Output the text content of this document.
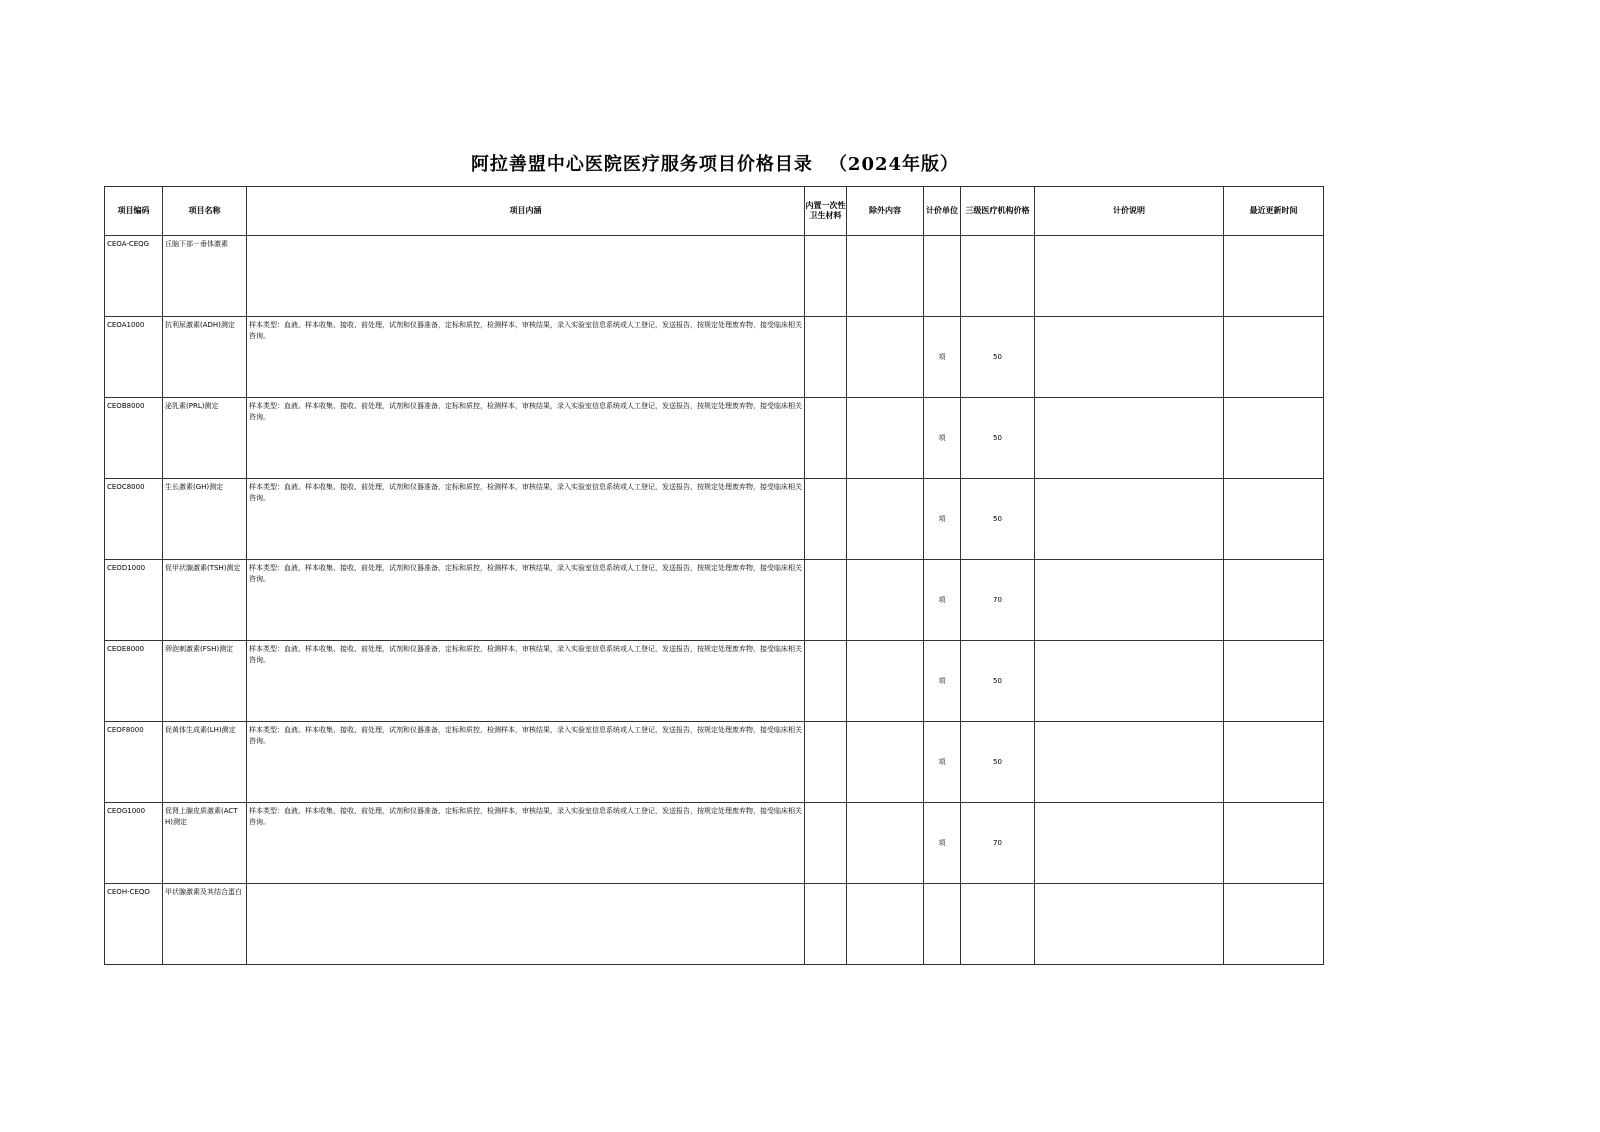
阿拉善盟中心医院医疗服务项目价格目录 （2024年版）
项目编码	项目名称	项目内涵	内置一次性卫生材料	除外内容	计价单位	三级医疗机构价格	计价说明	最近更新时间

CEOA-CEQG	丘脑下部－垂体激素							

CEOA1000	抗利尿激素(ADH)测定	样本类型：血液。样本收集、接收、前处理，试剂和仪器准备，定标和质控，检测样本，审核结果，录入实验室信息系统或人工登记，发送报告，按规定处理废弃物，接受临床相关咨询。			项	50		

CEOB8000	泌乳素(PRL)测定	样本类型：血液。样本收集、接收、前处理，试剂和仪器准备，定标和质控，检测样本，审核结果，录入实验室信息系统或人工登记，发送报告，按规定处理废弃物，接受临床相关咨询。			项	50		

CEOC8000	生长激素(GH)测定	样本类型：血液。样本收集、接收、前处理，试剂和仪器准备，定标和质控，检测样本，审核结果，录入实验室信息系统或人工登记，发送报告，按规定处理废弃物，接受临床相关咨询。			项	50		

CEOD1000	促甲状腺激素(TSH)测定	样本类型：血液。样本收集、接收、前处理，试剂和仪器准备，定标和质控，检测样本，审核结果，录入实验室信息系统或人工登记，发送报告，按规定处理废弃物，接受临床相关咨询。			项	70		

CEOE8000	卵泡刺激素(FSH)测定	样本类型：血液。样本收集、接收、前处理，试剂和仪器准备，定标和质控，检测样本，审核结果，录入实验室信息系统或人工登记，发送报告，按规定处理废弃物，接受临床相关咨询。			项	50		

CEOF8000	促黄体生成素(LH)测定	样本类型：血液。样本收集、接收、前处理，试剂和仪器准备，定标和质控，检测样本，审核结果，录入实验室信息系统或人工登记，发送报告，按规定处理废弃物，接受临床相关咨询。			项	50		

CEOG1000	促肾上腺皮质激素(ACTH)测定	样本类型：血液。样本收集、接收、前处理，试剂和仪器准备，定标和质控，检测样本，审核结果，录入实验室信息系统或人工登记，发送报告，按规定处理废弃物，接受临床相关咨询。			项	70		

CEOH-CEQO	甲状腺激素及其结合蛋白							
